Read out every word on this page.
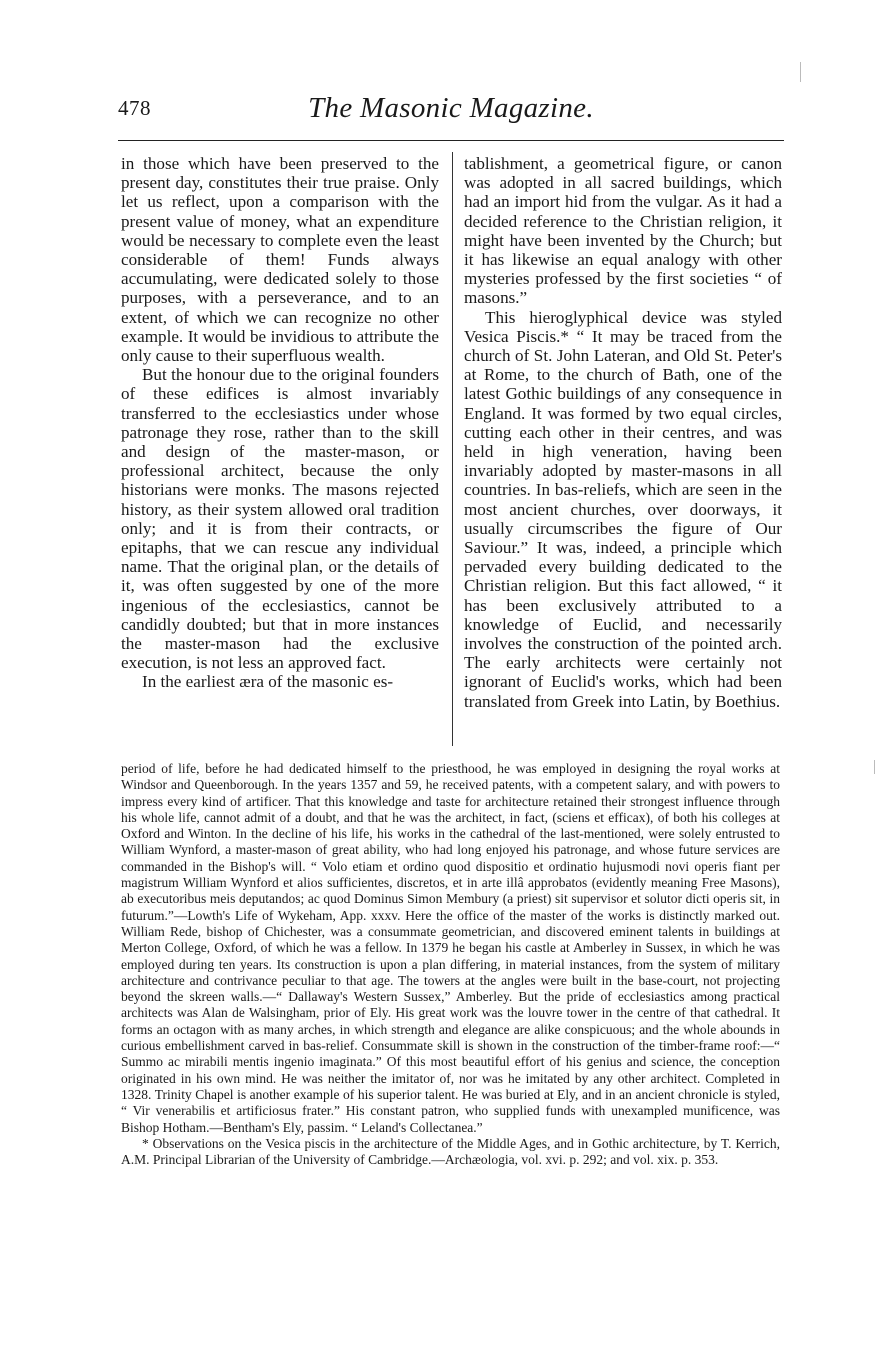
478	The Masonic Magazine.

in those which have been preserved to the present day, constitutes their true praise. Only let us reflect, upon a comparison with the present value of money, what an expenditure would be necessary to complete even the least considerable of them! Funds always accumulating, were dedicated solely to those purposes, with a perseverance, and to an extent, of which we can recognize no other example. It would be invidious to attribute the only cause to their superfluous wealth.

But the honour due to the original founders of these edifices is almost invariably transferred to the ecclesiastics under whose patronage they rose, rather than to the skill and design of the master-mason, or professional architect, because the only historians were monks. The masons rejected history, as their system allowed oral tradition only; and it is from their contracts, or epitaphs, that we can rescue any individual name. That the original plan, or the details of it, was often suggested by one of the more ingenious of the ecclesiastics, cannot be candidly doubted; but that in more instances the master-mason had the exclusive execution, is not less an approved fact.

In the earliest æra of the masonic es-

tablishment, a geometrical figure, or canon was adopted in all sacred buildings, which had an import hid from the vulgar. As it had a decided reference to the Christian religion, it might have been invented by the Church; but it has likewise an equal analogy with other mysteries professed by the first societies “ of masons.”

This hieroglyphical device was styled Vesica Piscis.* “ It may be traced from the church of St. John Lateran, and Old St. Peter's at Rome, to the church of Bath, one of the latest Gothic buildings of any consequence in England. It was formed by two equal circles, cutting each other in their centres, and was held in high veneration, having been invariably adopted by master-masons in all countries. In bas-reliefs, which are seen in the most ancient churches, over doorways, it usually circumscribes the figure of Our Saviour.” It was, indeed, a principle which pervaded every building dedicated to the Christian religion. But this fact allowed, “ it has been exclusively attributed to a knowledge of Euclid, and necessarily involves the construction of the pointed arch. The early architects were certainly not ignorant of Euclid's works, which had been translated from Greek into Latin, by Boethius.

period of life, before he had dedicated himself to the priesthood, he was employed in designing the royal works at Windsor and Queenborough. In the years 1357 and 59, he received patents, with a competent salary, and with powers to impress every kind of artificer. That this knowledge and taste for architecture retained their strongest influence through his whole life, cannot admit of a doubt, and that he was the architect, in fact, (sciens et efficax), of both his colleges at Oxford and Winton. In the decline of his life, his works in the cathedral of the last-mentioned, were solely entrusted to William Wynford, a master-mason of great ability, who had long enjoyed his patronage, and whose future services are commanded in the Bishop's will. “ Volo etiam et ordino quod dispositio et ordinatio hujusmodi novi operis fiant per magistrum William Wynford et alios sufficientes, discretos, et in arte illâ approbatos (evidently meaning Free Masons), ab executoribus meis deputandos; ac quod Dominus Simon Membury (a priest) sit supervisor et solutor dicti operis sit, in futurum.”—Lowth's Life of Wykeham, App. xxxv. Here the office of the master of the works is distinctly marked out. William Rede, bishop of Chichester, was a consummate geometrician, and discovered eminent talents in buildings at Merton College, Oxford, of which he was a fellow. In 1379 he began his castle at Amberley in Sussex, in which he was employed during ten years. Its construction is upon a plan differing, in material instances, from the system of military architecture and contrivance peculiar to that age. The towers at the angles were built in the base-court, not projecting beyond the skreen walls.—“ Dallaway's Western Sussex,” Amberley. But the pride of ecclesiastics among practical architects was Alan de Walsingham, prior of Ely. His great work was the louvre tower in the centre of that cathedral. It forms an octagon with as many arches, in which strength and elegance are alike conspicuous; and the whole abounds in curious embellishment carved in bas-relief. Consummate skill is shown in the construction of the timber-frame roof:—“ Summo ac mirabili mentis ingenio imaginata.” Of this most beautiful effort of his genius and science, the conception originated in his own mind. He was neither the imitator of, nor was he imitated by any other architect. Completed in 1328. Trinity Chapel is another example of his superior talent. He was buried at Ely, and in an ancient chronicle is styled, “ Vir venerabilis et artificiosus frater.” His constant patron, who supplied funds with unexampled munificence, was Bishop Hotham.—Bentham's Ely, passim. “ Leland's Collectanea.”

* Observations on the Vesica piscis in the architecture of the Middle Ages, and in Gothic architecture, by T. Kerrich, A.M. Principal Librarian of the University of Cambridge.—Archæologia, vol. xvi. p. 292; and vol. xix. p. 353.
